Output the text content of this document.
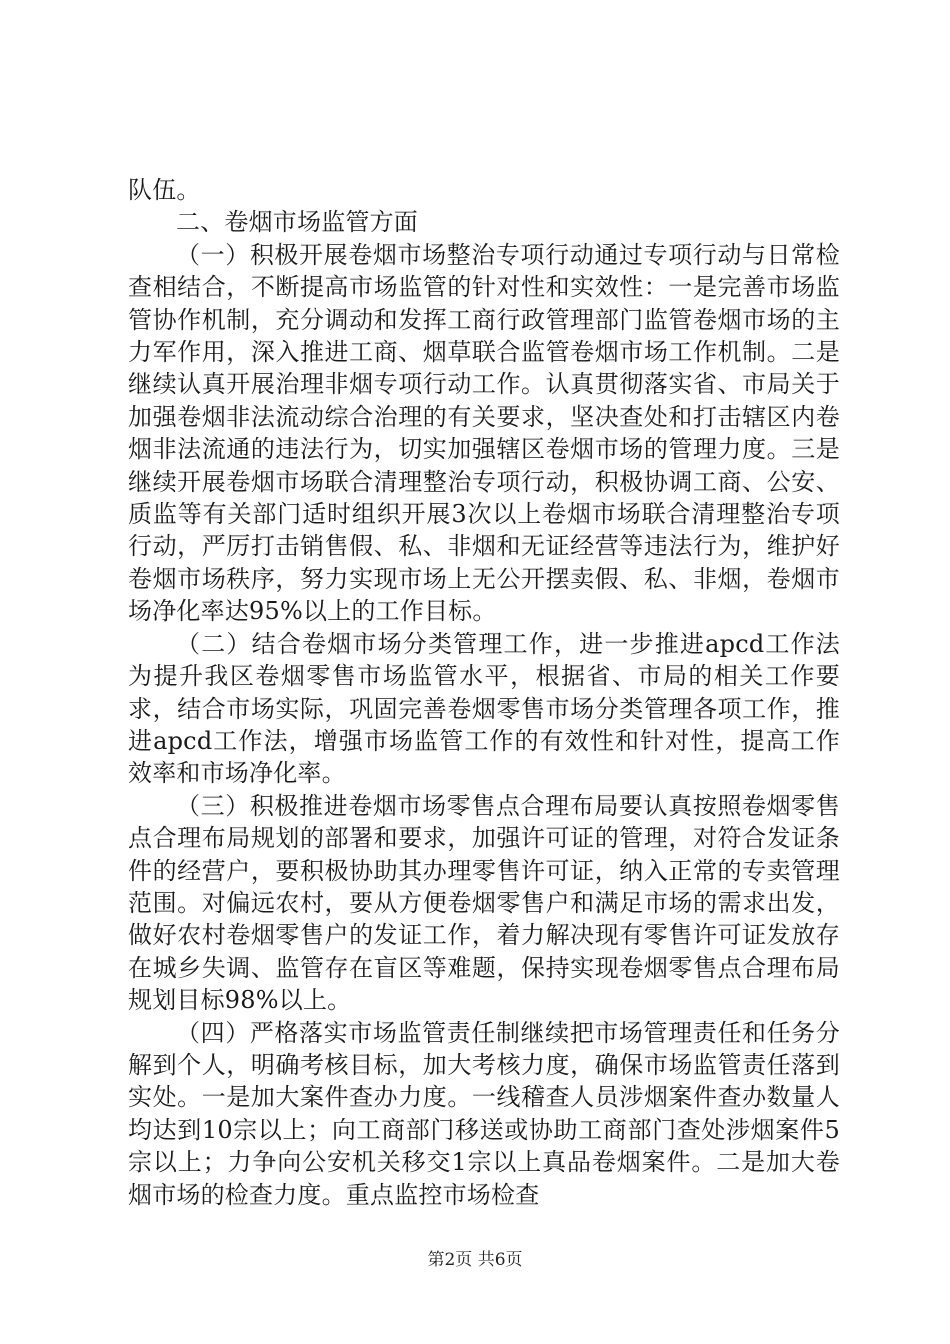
队伍。

二、卷烟市场监管方面

（一）积极开展卷烟市场整治专项行动通过专项行动与日常检查相结合，不断提高市场监管的针对性和实效性：一是完善市场监管协作机制，充分调动和发挥工商行政管理部门监管卷烟市场的主力军作用，深入推进工商、烟草联合监管卷烟市场工作机制。二是继续认真开展治理非烟专项行动工作。认真贯彻落实省、市局关于加强卷烟非法流动综合治理的有关要求，坚决查处和打击辖区内卷烟非法流通的违法行为，切实加强辖区卷烟市场的管理力度。三是继续开展卷烟市场联合清理整治专项行动，积极协调工商、公安、质监等有关部门适时组织开展3次以上卷烟市场联合清理整治专项行动，严厉打击销售假、私、非烟和无证经营等违法行为，维护好卷烟市场秩序，努力实现市场上无公开摆卖假、私、非烟，卷烟市场净化率达95%以上的工作目标。

（二）结合卷烟市场分类管理工作，进一步推进apcd工作法为提升我区卷烟零售市场监管水平，根据省、市局的相关工作要求，结合市场实际，巩固完善卷烟零售市场分类管理各项工作，推进apcd工作法，增强市场监管工作的有效性和针对性，提高工作效率和市场净化率。

（三）积极推进卷烟市场零售点合理布局要认真按照卷烟零售点合理布局规划的部署和要求，加强许可证的管理，对符合发证条件的经营户，要积极协助其办理零售许可证，纳入正常的专卖管理范围。对偏远农村，要从方便卷烟零售户和满足市场的需求出发，做好农村卷烟零售户的发证工作，着力解决现有零售许可证发放存在城乡失调、监管存在盲区等难题，保持实现卷烟零售点合理布局规划目标98%以上。

（四）严格落实市场监管责任制继续把市场管理责任和任务分解到个人，明确考核目标，加大考核力度，确保市场监管责任落到实处。一是加大案件查办力度。一线稽查人员涉烟案件查办数量人均达到10宗以上；向工商部门移送或协助工商部门查处涉烟案件5宗以上；力争向公安机关移交1宗以上真品卷烟案件。二是加大卷烟市场的检查力度。重点监控市场检查

第2页 共6页
